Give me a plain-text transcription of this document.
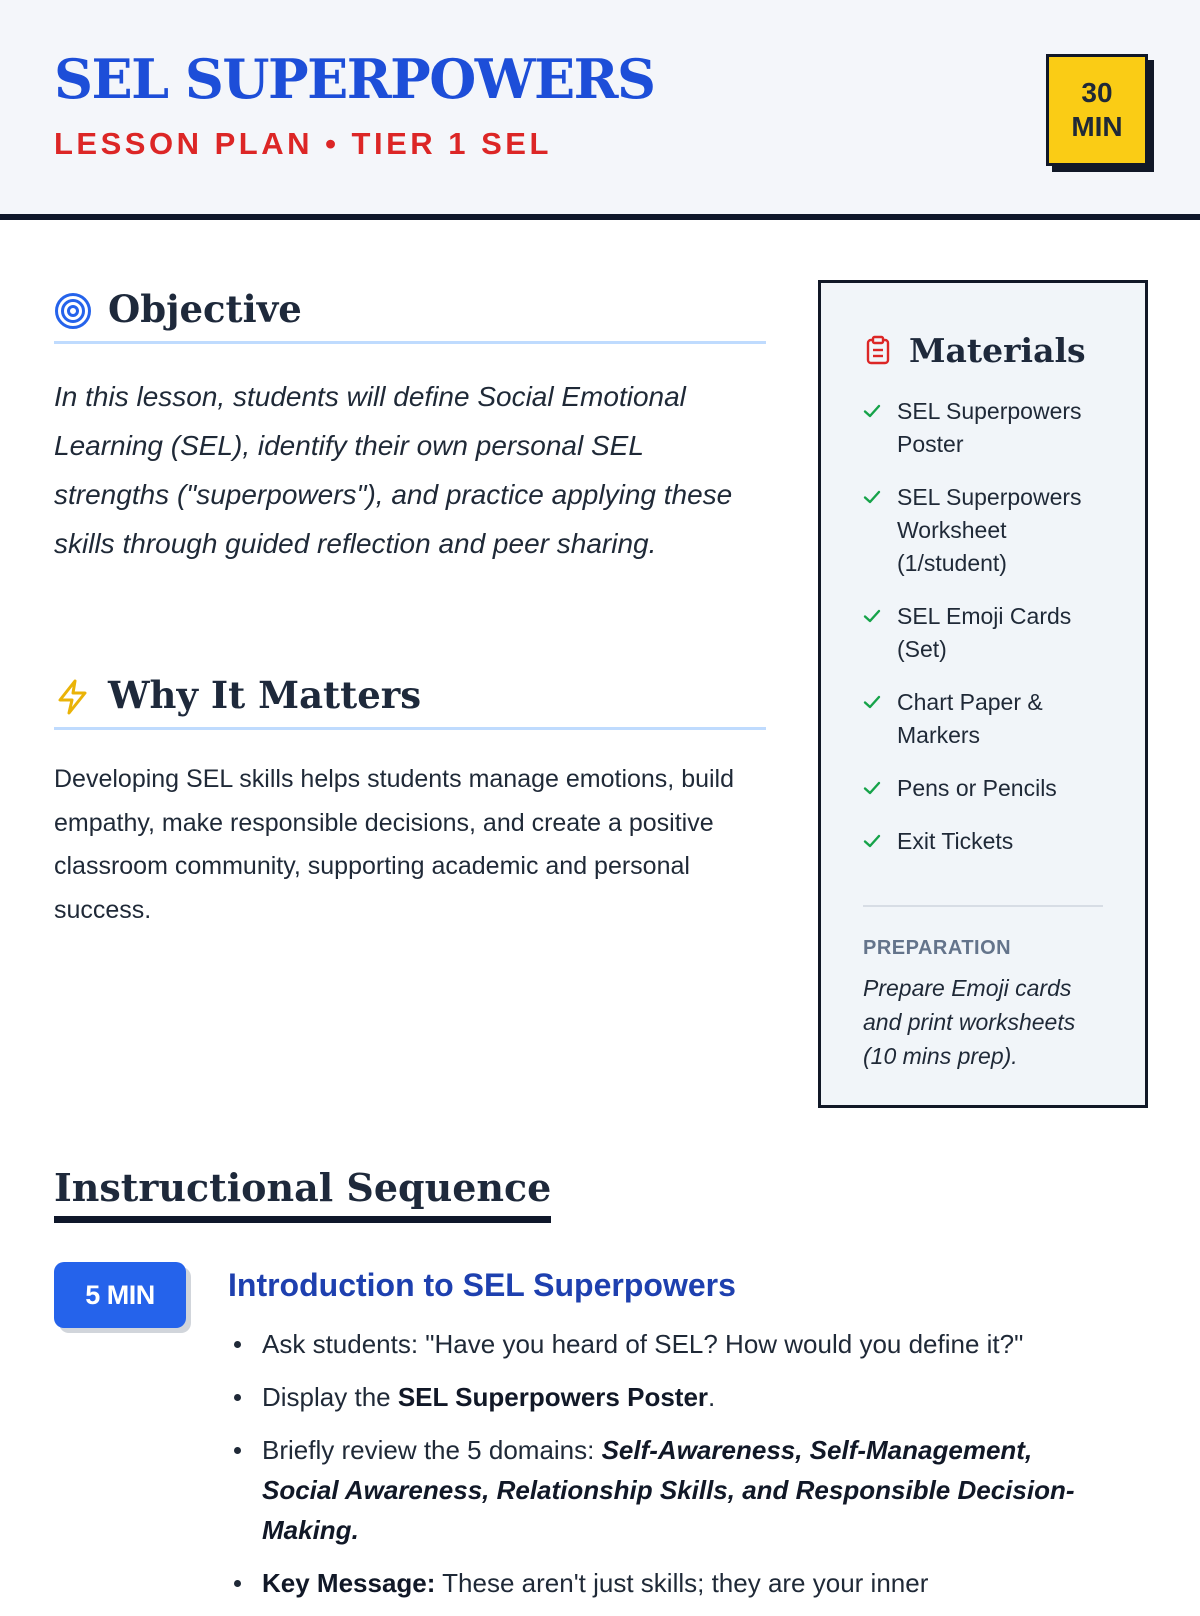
SEL SUPERPOWERS
LESSON PLAN • TIER 1 SEL
30
MIN
Objective

In this lesson, students will define Social Emotional Learning (SEL), identify their own personal SEL strengths ("superpowers"), and practice applying these skills through guided reflection and peer sharing.

Why It Matters

Developing SEL skills helps students manage emotions, build empathy, make responsible decisions, and create a positive classroom community, supporting academic and personal success.

Materials
SEL Superpowers Poster
SEL Superpowers Worksheet (1/student)
SEL Emoji Cards (Set)
Chart Paper & Markers
Pens or Pencils
Exit Tickets
PREPARATION

Prepare Emoji cards and print worksheets (10 mins prep).

Instructional Sequence
5 MIN	Introduction to SEL Superpowers
Ask students: "Have you heard of SEL? How would you define it?"
Display the SEL Superpowers Poster.
Briefly review the 5 domains: Self-Awareness, Self-Management, Social Awareness, Relationship Skills, and Responsible Decision-Making.
Key Message: These aren't just skills; they are your inner
